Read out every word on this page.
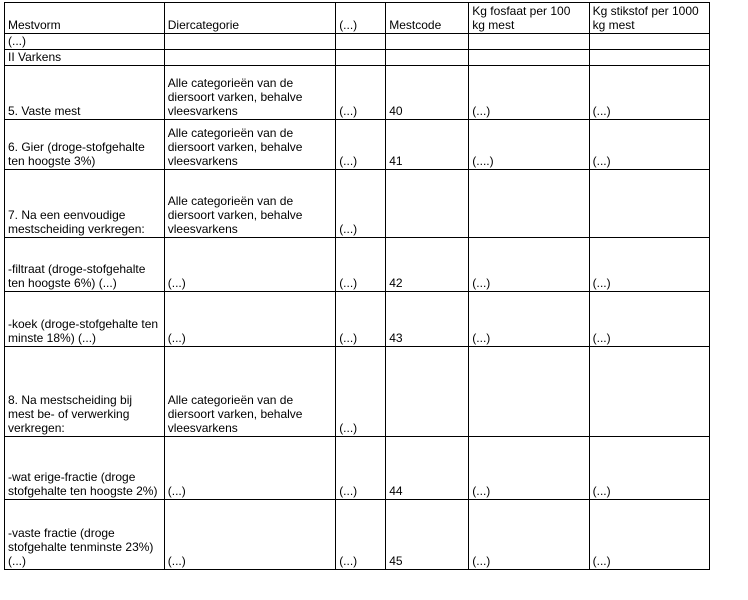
Mestvorm	Diercategorie	(...)	Mestcode	Kg fosfaat per 100 kg mest	Kg stikstof per 1000 kg mest
(...)					
II Varkens					
5. Vaste mest	Alle categorieën van de diersoort varken, behalve vleesvarkens	(...)	40	(...)	(...)
6. Gier (droge-stofgehalte ten hoogste 3%)	Alle categorieën van de diersoort varken, behalve vleesvarkens	(...)	41	(....)	(...)
7. Na een eenvoudige mestscheiding verkregen:	Alle categorieën van de diersoort varken, behalve vleesvarkens	(...)			
-filtraat (droge-stofgehalte ten hoogste 6%) (...)	(...)	(...)	42	(...)	(...)
-koek (droge-stofgehalte ten minste 18%) (...)	(...)	(...)	43	(...)	(...)
8. Na mestscheiding bij mest be- of verwerking verkregen:	Alle categorieën van de diersoort varken, behalve vleesvarkens	(...)			
-wat erige-fractie (droge stofgehalte ten hoogste 2%)	(...)	(...)	44	(...)	(...)
-vaste fractie (droge stofgehalte tenminste 23%) (...)	(...)	(...)	45	(...)	(...)
